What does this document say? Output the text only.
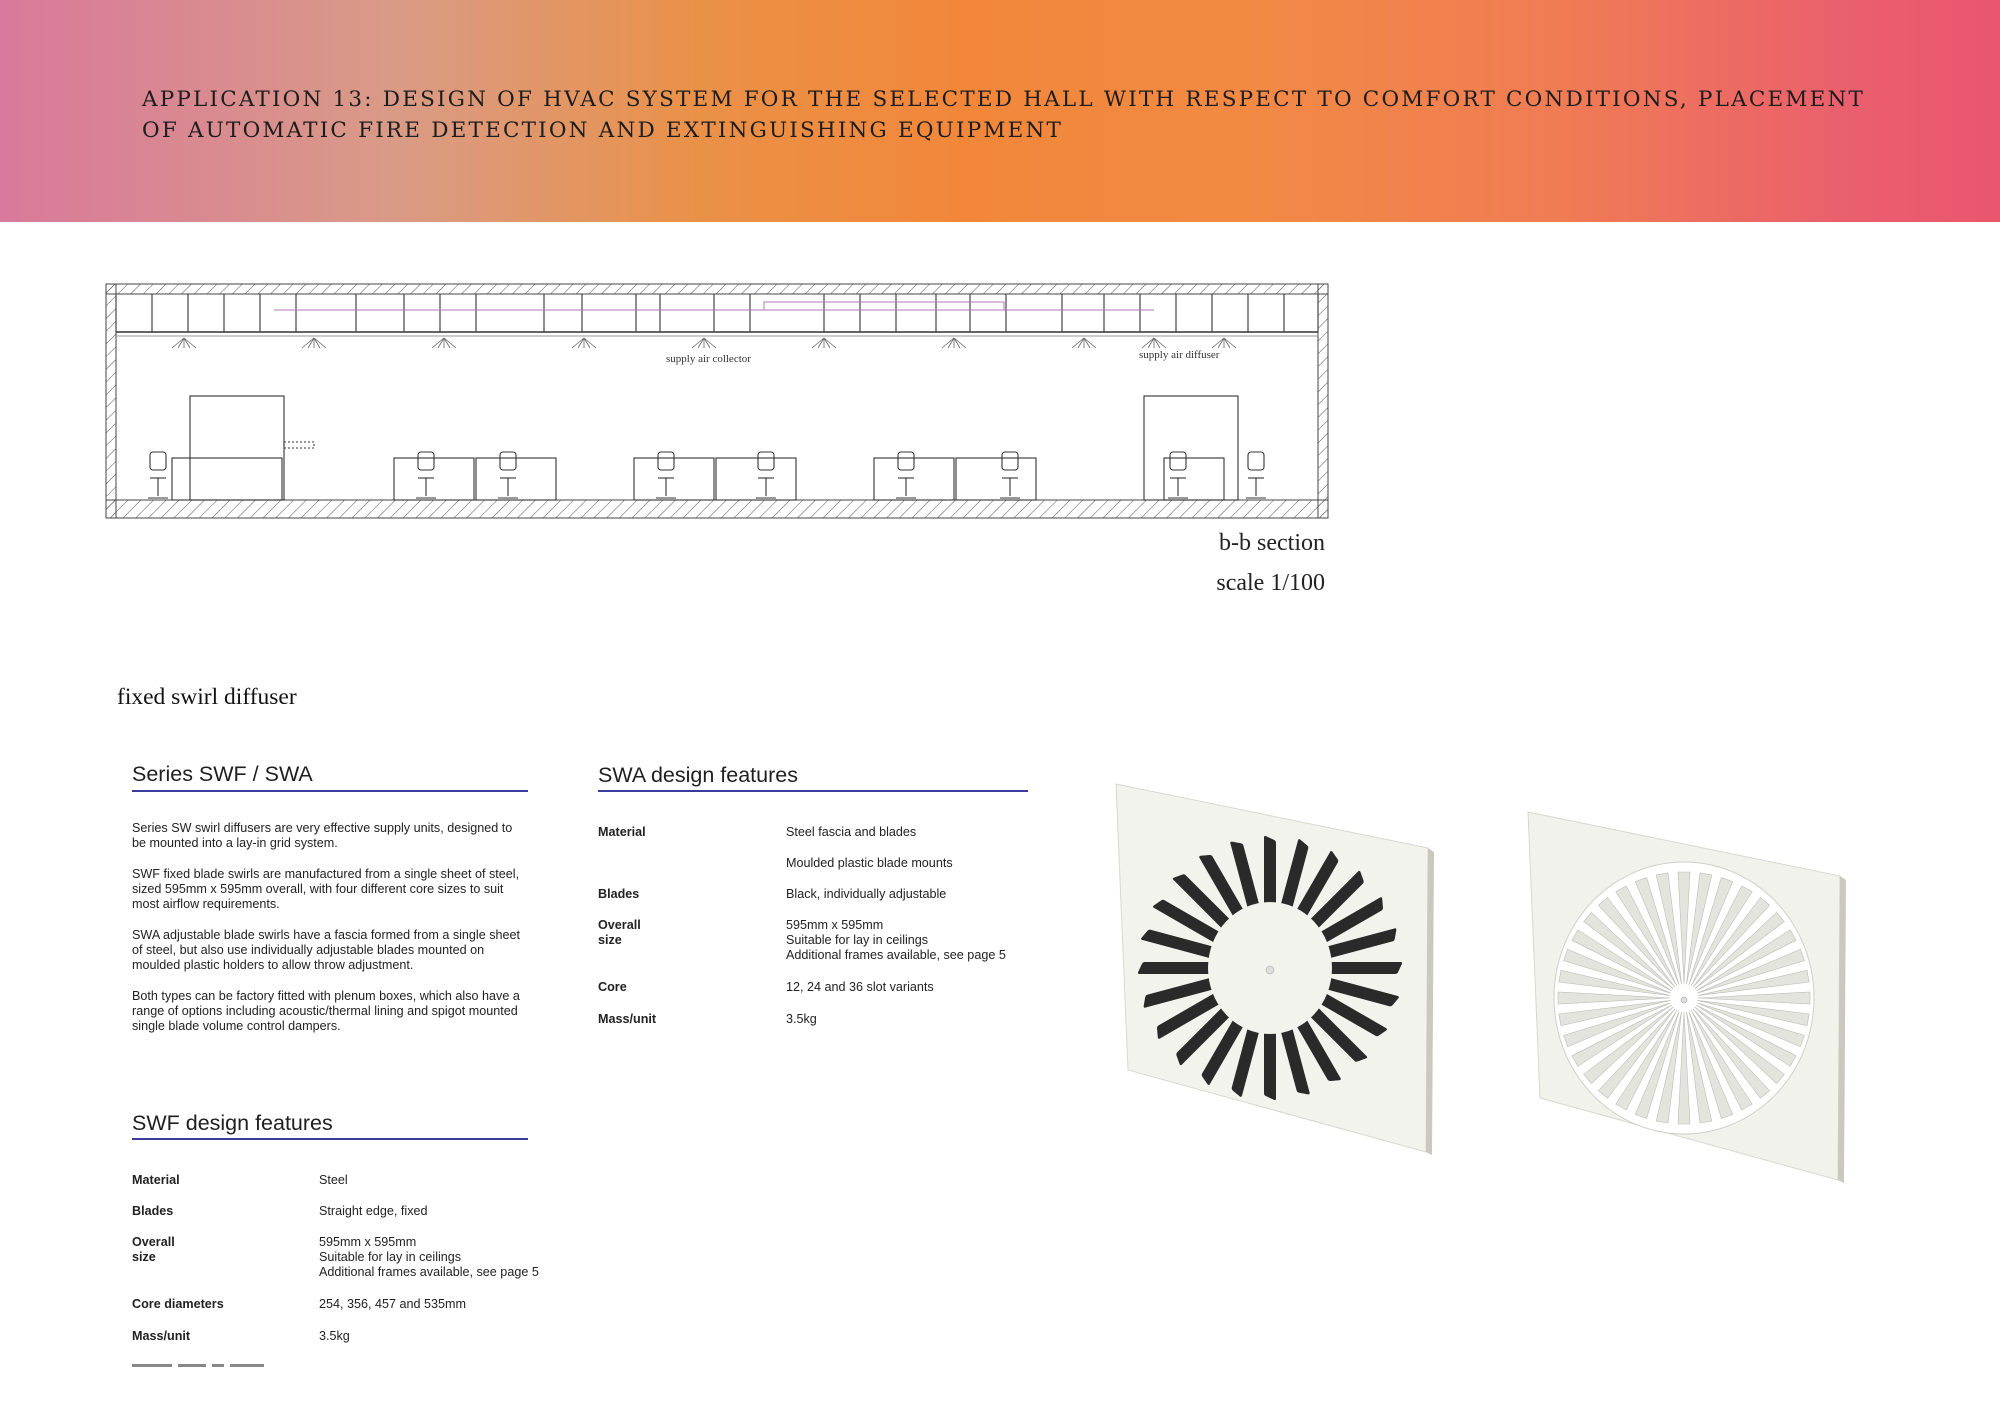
APPLICATION 13: DESIGN OF HVAC SYSTEM FOR THE SELECTED HALL WITH RESPECT TO COMFORT CONDITIONS, PLACEMENT OF AUTOMATIC FIRE DETECTION AND EXTINGUISHING EQUIPMENT
supply air collector	supply air diffuser
b-b section
scale 1/100
fixed swirl diffuser
Series SWF / SWA

Series SW swirl diffusers are very effective supply units, designed to be mounted into a lay-in grid system.

SWF fixed blade swirls are manufactured from a single sheet of steel, sized 595mm x 595mm overall, with four different core sizes to suit most airflow requirements.

SWA adjustable blade swirls have a fascia formed from a single sheet of steel, but also use individually adjustable blades mounted on moulded plastic holders to allow throw adjustment.

Both types can be factory fitted with plenum boxes, which also have a range of options including acoustic/thermal lining and spigot mounted single blade volume control dampers.

SWF design features
Material	Steel
Blades	Straight edge, fixed
Overall size
595mm x 595mm
Suitable for lay in ceilings
Additional frames available, see page 5
Core diameters	254, 356, 457 and 535mm
Mass/unit	3.5kg
SWA design features
Material	Steel fascia and blades
Moulded plastic blade mounts
Blades	Black, individually adjustable
Overall size
595mm x 595mm
Suitable for lay in ceilings
Additional frames available, see page 5
Core	12, 24 and 36 slot variants
Mass/unit	3.5kg
